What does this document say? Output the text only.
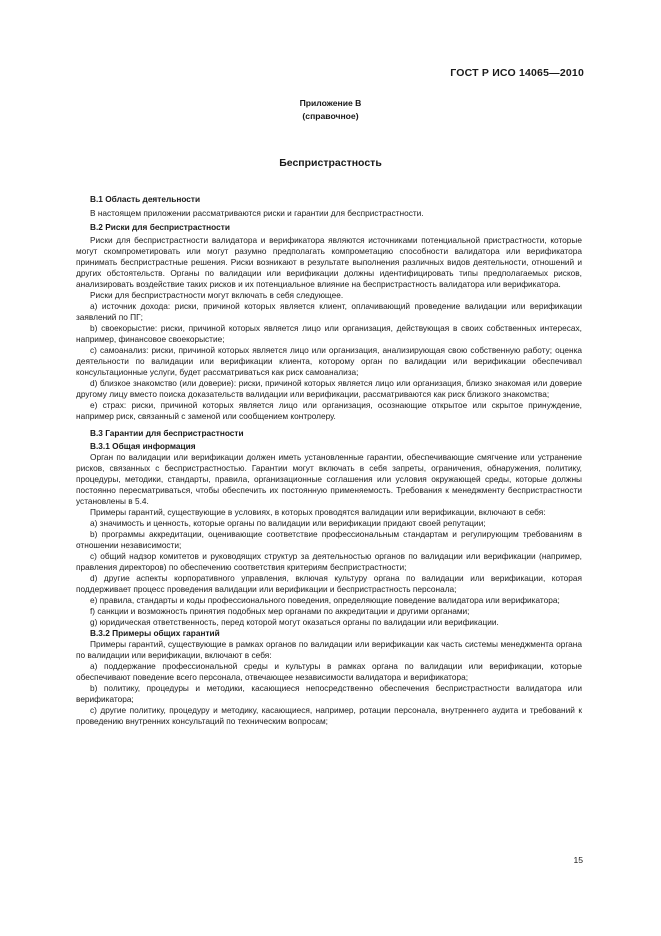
ГОСТ Р ИСО 14065—2010
Приложение В
(справочное)
Беспристрастность

B.1 Область деятельности

В настоящем приложении рассматриваются риски и гарантии для беспристрастности.

B.2 Риски для беспристрастности

Риски для беспристрастности валидатора и верификатора являются источниками потенциальной пристрастности, которые могут скомпрометировать или могут разумно предполагать компрометацию способности валидатора или верификатора принимать беспристрастные решения. Риски возникают в результате выполнения различных видов деятельности, отношений и других обстоятельств. Органы по валидации или верификации должны идентифицировать типы предполагаемых рисков, анализировать воздействие таких рисков и их потенциальное влияние на беспристрастность валидатора или верификатора.

Риски для беспристрастности могут включать в себя следующее.

а) источник дохода: риски, причиной которых является клиент, оплачивающий проведение валидации или верификации заявлений по ПГ;

b) своекорыстие: риски, причиной которых является лицо или организация, действующая в своих собственных интересах, например, финансовое своекорыстие;

c) самоанализ: риски, причиной которых является лицо или организация, анализирующая свою собственную работу; оценка деятельности по валидации или верификации клиента, которому орган по валидации или верификации обеспечивал консультационные услуги, будет рассматриваться как риск самоанализа;

d) близкое знакомство (или доверие): риски, причиной которых является лицо или организация, близко знакомая или доверие другому лицу вместо поиска доказательств валидации или верификации, рассматриваются как риск близкого знакомства;

e) страх: риски, причиной которых является лицо или организация, осознающие открытое или скрытое принуждение, например риск, связанный с заменой или сообщением контролеру.

B.3 Гарантии для беспристрастности

B.3.1 Общая информация

Орган по валидации или верификации должен иметь установленные гарантии, обеспечивающие смягчение или устранение рисков, связанных с беспристрастностью. Гарантии могут включать в себя запреты, ограничения, обнаружения, политику, процедуры, методики, стандарты, правила, организационные соглашения или условия окружающей среды, которые должны постоянно пересматриваться, чтобы обеспечить их постоянную применяемость. Требования к менеджменту беспристрастности установлены в 5.4.

Примеры гарантий, существующие в условиях, в которых проводятся валидации или верификации, включают в себя:

а) значимость и ценность, которые органы по валидации или верификации придают своей репутации;

b) программы аккредитации, оценивающие соответствие профессиональным стандартам и регулирующим требованиям в отношении независимости;

c) общий надзор комитетов и руководящих структур за деятельностью органов по валидации или верификации (например, правления директоров) по обеспечению соответствия критериям беспристрастности;

d) другие аспекты корпоративного управления, включая культуру органа по валидации или верификации, которая поддерживает процесс проведения валидации или верификации и беспристрастность персонала;

e) правила, стандарты и коды профессионального поведения, определяющие поведение валидатора или верификатора;

f) санкции и возможность принятия подобных мер органами по аккредитации и другими органами;

g) юридическая ответственность, перед которой могут оказаться органы по валидации или верификации.

B.3.2 Примеры общих гарантий

Примеры гарантий, существующие в рамках органов по валидации или верификации как часть системы менеджмента органа по валидации или верификации, включают в себя:

а) поддержание профессиональной среды и культуры в рамках органа по валидации или верификации, которые обеспечивают поведение всего персонала, отвечающее независимости валидатора и верификатора;

b) политику, процедуры и методики, касающиеся непосредственно обеспечения беспристрастности валидатора или верификатора;

c) другие политику, процедуру и методику, касающиеся, например, ротации персонала, внутреннего аудита и требований к проведению внутренних консультаций по техническим вопросам;

15
